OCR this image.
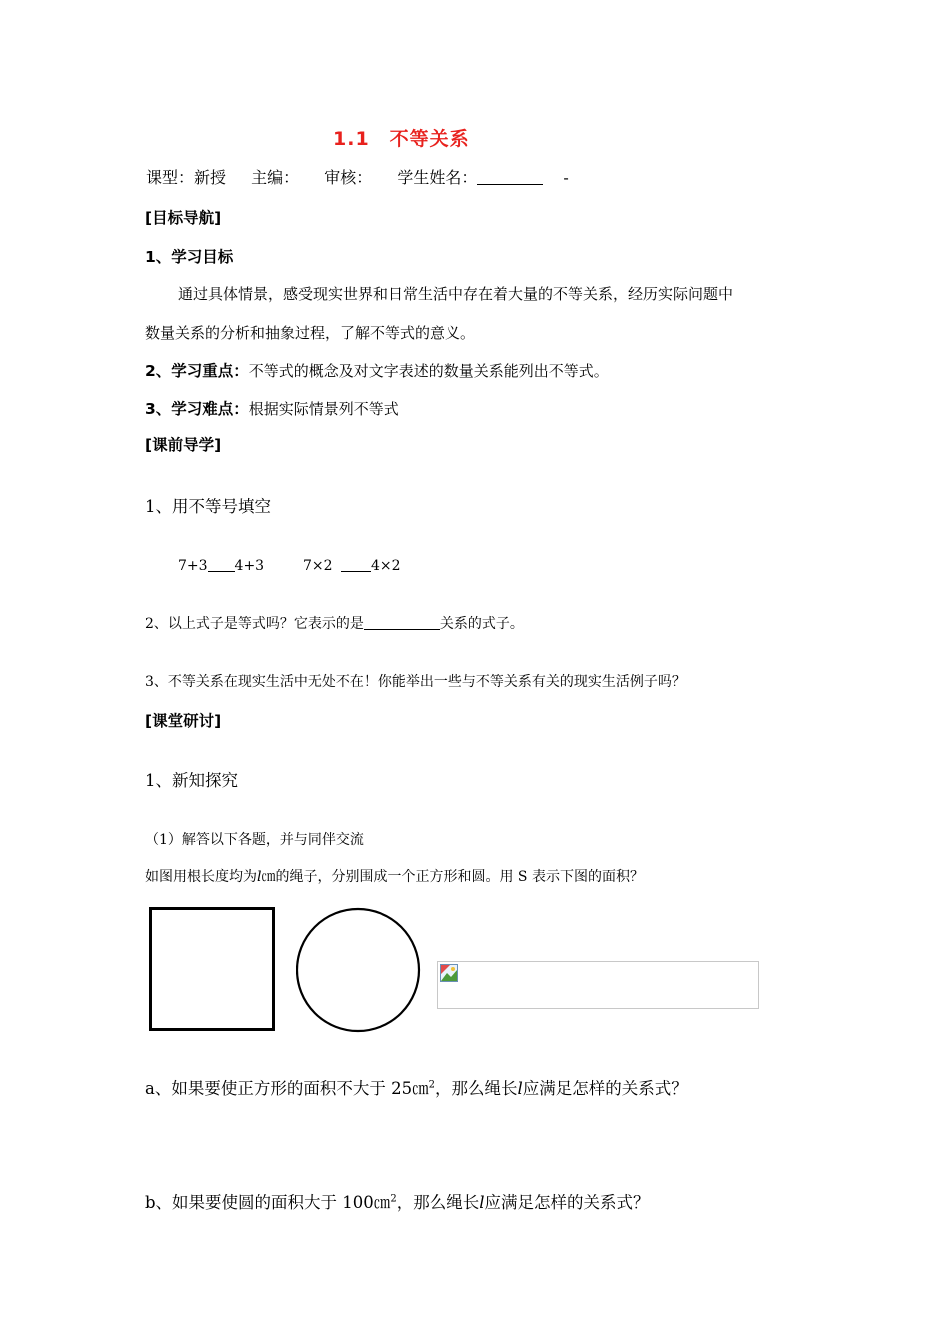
1.1　不等关系
课型：新授 主编： 审核： 学生姓名：	-
[目标导航]
1、学习目标
通过具体情景，感受现实世界和日常生活中存在着大量的不等关系，经历实际问题中
数量关系的分析和抽象过程，了解不等式的意义。
2、学习重点：不等式的概念及对文字表述的数量关系能列出不等式。
3、学习难点：根据实际情景列不等式
[课前导学]
1、用不等号填空
7+3 4+3	7×2	4×2
2、以上式子是等式吗？它表示的是	关系的式子。
3、不等关系在现实生活中无处不在！你能举出一些与不等关系有关的现实生活例子吗？
[课堂研讨]
1、新知探究
（1）解答以下各题，并与同伴交流
如图用根长度均为l㎝的绳子，分别围成一个正方形和圆。用 S 表示下图的面积？
a、如果要使正方形的面积不大于 25㎝$^2$，那么绳长l应满足怎样的关系式？
b、如果要使圆的面积大于 100㎝$^2$，那么绳长l应满足怎样的关系式？
